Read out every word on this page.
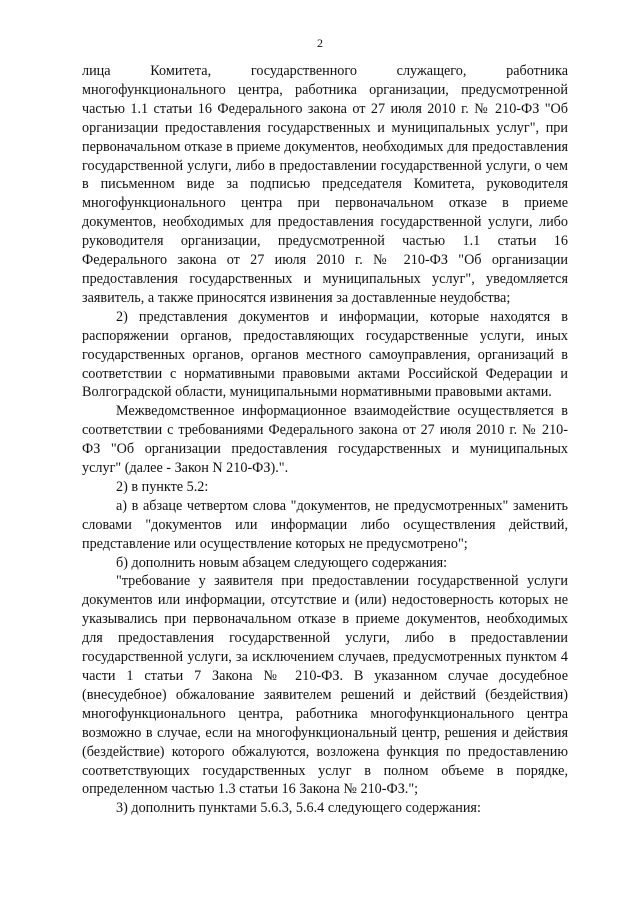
2

лица Комитета, государственного служащего, работника многофункционального центра, работника организации, предусмотренной частью 1.1 статьи 16 Федерального закона от 27 июля 2010 г. № 210-ФЗ "Об организации предоставления государственных и муниципальных услуг", при первоначальном отказе в приеме документов, необходимых для предоставления государственной услуги, либо в предоставлении государственной услуги, о чем в письменном виде за подписью председателя Комитета, руководителя многофункционального центра при первоначальном отказе в приеме документов, необходимых для предоставления государственной услуги, либо руководителя организации, предусмотренной частью 1.1 статьи 16 Федерального закона от 27 июля 2010 г. № 210-ФЗ "Об организации предоставления государственных и муниципальных услуг", уведомляется заявитель, а также приносятся извинения за доставленные неудобства;

2) представления документов и информации, которые находятся в распоряжении органов, предоставляющих государственные услуги, иных государственных органов, органов местного самоуправления, организаций в соответствии с нормативными правовыми актами Российской Федерации и Волгоградской области, муниципальными нормативными правовыми актами.

Межведомственное информационное взаимодействие осуществляется в соответствии с требованиями Федерального закона от 27 июля 2010 г. № 210-ФЗ "Об организации предоставления государственных и муниципальных услуг" (далее - Закон N 210-ФЗ).".

2) в пункте 5.2:

а) в абзаце четвертом слова "документов, не предусмотренных" заменить словами "документов или информации либо осуществления действий, представление или осуществление которых не предусмотрено";

б) дополнить новым абзацем следующего содержания:

"требование у заявителя при предоставлении государственной услуги документов или информации, отсутствие и (или) недостоверность которых не указывались при первоначальном отказе в приеме документов, необходимых для предоставления государственной услуги, либо в предоставлении государственной услуги, за исключением случаев, предусмотренных пунктом 4 части 1 статьи 7 Закона № 210-ФЗ. В указанном случае досудебное (внесудебное) обжалование заявителем решений и действий (бездействия) многофункционального центра, работника многофункционального центра возможно в случае, если на многофункциональный центр, решения и действия (бездействие) которого обжалуются, возложена функция по предоставлению соответствующих государственных услуг в полном объеме в порядке, определенном частью 1.3 статьи 16 Закона № 210-ФЗ.";

3) дополнить пунктами 5.6.3, 5.6.4 следующего содержания:
